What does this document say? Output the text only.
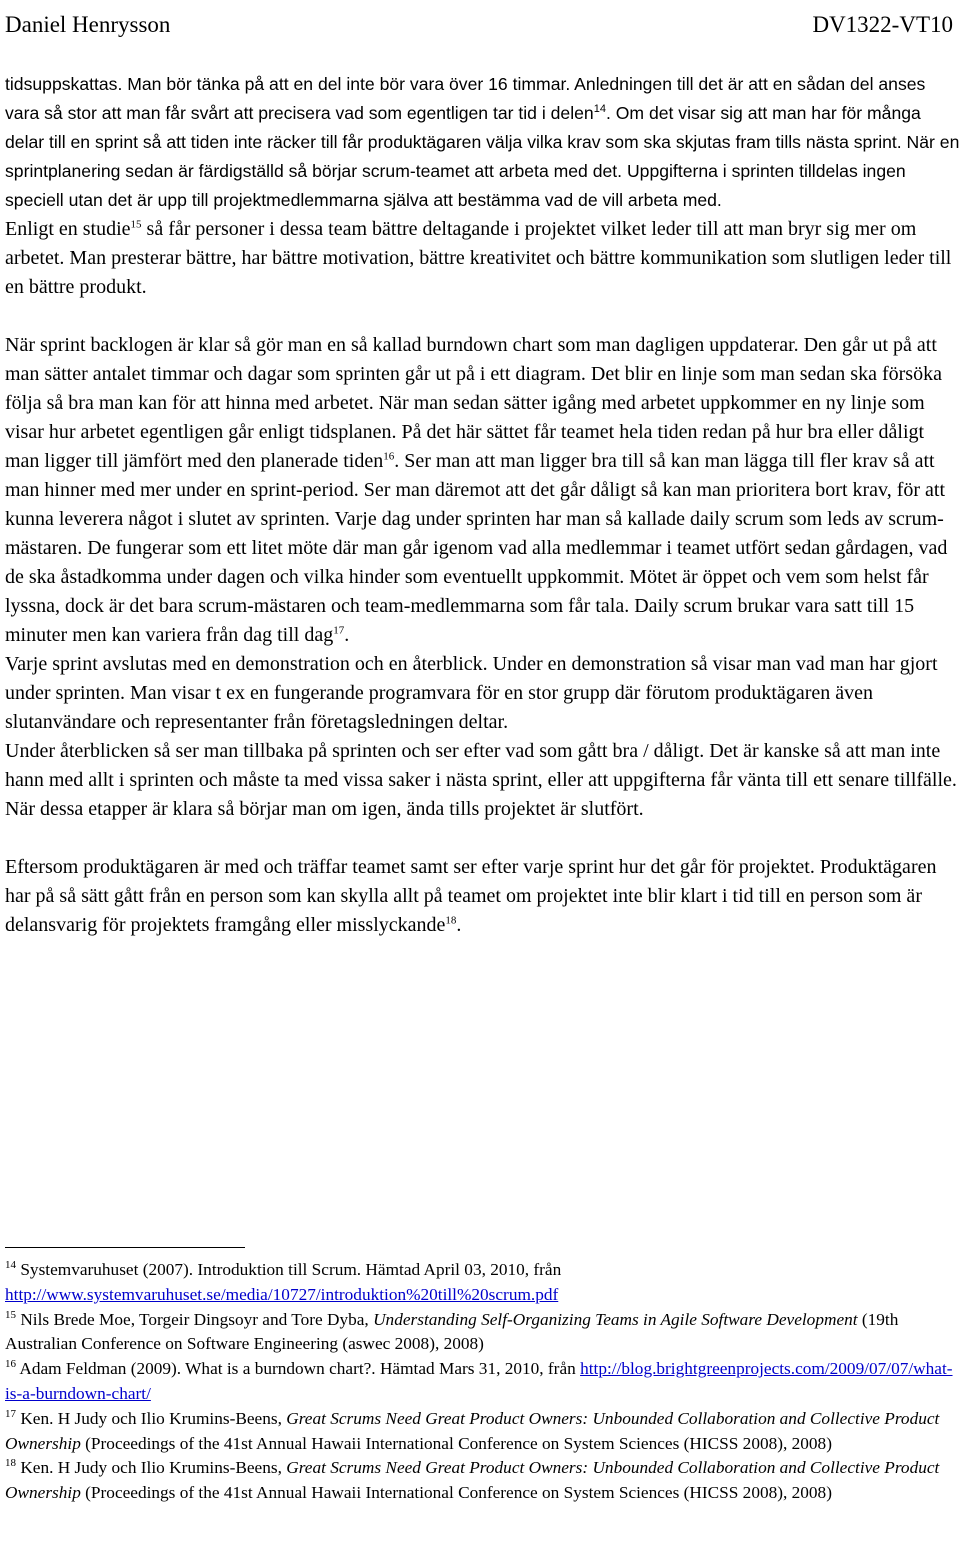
Daniel Henrysson	DV1322-VT10

tidsuppskattas. Man bör tänka på att en del inte bör vara över 16 timmar. Anledningen till det är att en sådan del anses vara så stor att man får svårt att precisera vad som egentligen tar tid i delen$^{14}$. Om det visar sig att man har för många delar till en sprint så att tiden inte räcker till får produktägaren välja vilka krav som ska skjutas fram tills nästa sprint. När en sprintplanering sedan är färdigställd så börjar scrum-teamet att arbeta med det. Uppgifterna i sprinten tilldelas ingen speciell utan det är upp till projektmedlemmarna själva att bestämma vad de vill arbeta med.

Enligt en studie$^{15}$ så får personer i dessa team bättre deltagande i projektet vilket leder till att man bryr sig mer om arbetet. Man presterar bättre, har bättre motivation, bättre kreativitet och bättre kommunikation som slutligen leder till en bättre produkt.

När sprint backlogen är klar så gör man en så kallad burndown chart som man dagligen uppdaterar. Den går ut på att man sätter antalet timmar och dagar som sprinten går ut på i ett diagram. Det blir en linje som man sedan ska försöka följa så bra man kan för att hinna med arbetet. När man sedan sätter igång med arbetet uppkommer en ny linje som visar hur arbetet egentligen går enligt tidsplanen. På det här sättet får teamet hela tiden redan på hur bra eller dåligt man ligger till jämfört med den planerade tiden$^{16}$. Ser man att man ligger bra till så kan man lägga till fler krav så att man hinner med mer under en sprint-period. Ser man däremot att det går dåligt så kan man prioritera bort krav, för att kunna leverera något i slutet av sprinten. Varje dag under sprinten har man så kallade daily scrum som leds av scrum-mästaren. De fungerar som ett litet möte där man går igenom vad alla medlemmar i teamet utfört sedan gårdagen, vad de ska åstadkomma under dagen och vilka hinder som eventuellt uppkommit. Mötet är öppet och vem som helst får lyssna, dock är det bara scrum-mästaren och team-medlemmarna som får tala. Daily scrum brukar vara satt till 15 minuter men kan variera från dag till dag$^{17}$.

Varje sprint avslutas med en demonstration och en återblick. Under en demonstration så visar man vad man har gjort under sprinten. Man visar t ex en fungerande programvara för en stor grupp där förutom produktägaren även slutanvändare och representanter från företagsledningen deltar.

Under återblicken så ser man tillbaka på sprinten och ser efter vad som gått bra / dåligt. Det är kanske så att man inte hann med allt i sprinten och måste ta med vissa saker i nästa sprint, eller att uppgifterna får vänta till ett senare tillfälle.

När dessa etapper är klara så börjar man om igen, ända tills projektet är slutfört.

Eftersom produktägaren är med och träffar teamet samt ser efter varje sprint hur det går för projektet. Produktägaren har på så sätt gått från en person som kan skylla allt på teamet om projektet inte blir klart i tid till en person som är delansvarig för projektets framgång eller misslyckande$^{18}$.

$^{14}$ Systemvaruhuset (2007). Introduktion till Scrum. Hämtad April 03, 2010, från http://www.systemvaruhuset.se/media/10727/introduktion%20till%20scrum.pdf

$^{15}$ Nils Brede Moe, Torgeir Dingsoyr and Tore Dyba, Understanding Self-Organizing Teams in Agile Software Development (19th Australian Conference on Software Engineering (aswec 2008), 2008)

$^{16}$ Adam Feldman (2009). What is a burndown chart?. Hämtad Mars 31, 2010, från http://blog.brightgreenprojects.com/2009/07/07/what-is-a-burndown-chart/

$^{17}$ Ken. H Judy och Ilio Krumins-Beens, Great Scrums Need Great Product Owners: Unbounded Collaboration and Collective Product Ownership (Proceedings of the 41st Annual Hawaii International Conference on System Sciences (HICSS 2008), 2008)

$^{18}$ Ken. H Judy och Ilio Krumins-Beens, Great Scrums Need Great Product Owners: Unbounded Collaboration and Collective Product Ownership (Proceedings of the 41st Annual Hawaii International Conference on System Sciences (HICSS 2008), 2008)
